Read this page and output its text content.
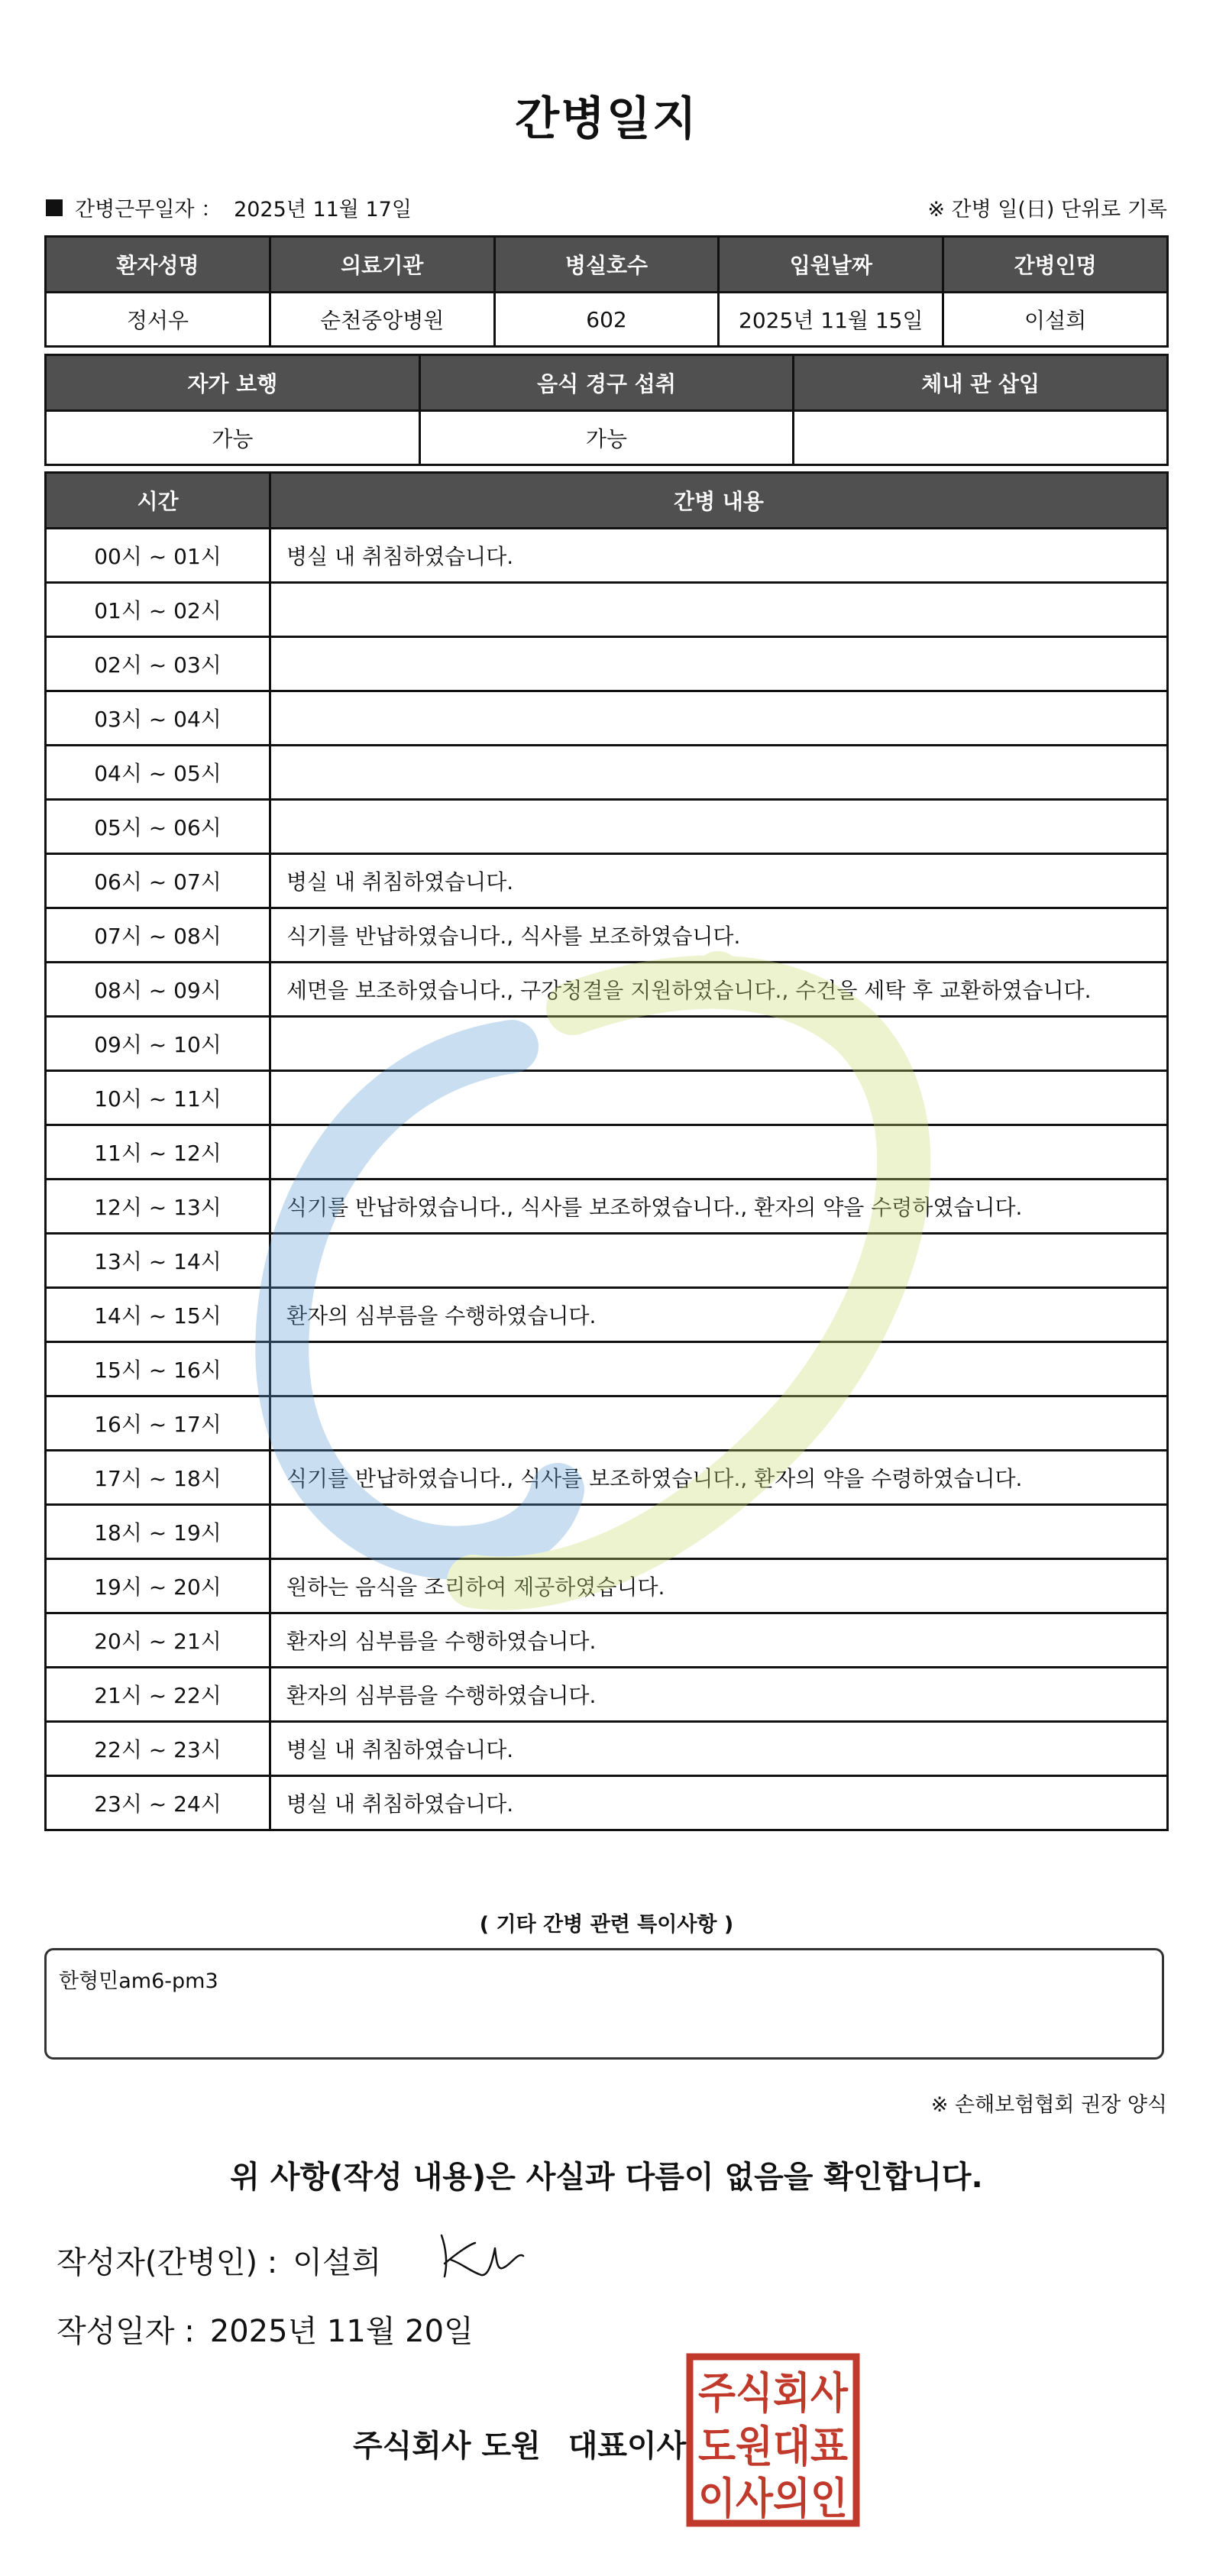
간병일지
간병근무일자 ： 2025년 11월 17일	※ 간병 일(日) 단위로 기록
환자성명	의료기관	병실호수	입원날짜	간병인명
정서우	순천중앙병원	602	2025년 11월 15일	이설희
자가 보행	음식 경구 섭취	체내 관 삽입
가능	가능	
시간	간병 내용
00시 ~ 01시	병실 내 취침하였습니다.
01시 ~ 02시	
02시 ~ 03시	
03시 ~ 04시	
04시 ~ 05시	
05시 ~ 06시	
06시 ~ 07시	병실 내 취침하였습니다.
07시 ~ 08시	식기를 반납하였습니다., 식사를 보조하였습니다.
08시 ~ 09시	세면을 보조하였습니다., 구강청결을 지원하였습니다., 수건을 세탁 후 교환하였습니다.
09시 ~ 10시	
10시 ~ 11시	
11시 ~ 12시	
12시 ~ 13시	식기를 반납하였습니다., 식사를 보조하였습니다., 환자의 약을 수령하였습니다.
13시 ~ 14시	
14시 ~ 15시	환자의 심부름을 수행하였습니다.
15시 ~ 16시	
16시 ~ 17시	
17시 ~ 18시	식기를 반납하였습니다., 식사를 보조하였습니다., 환자의 약을 수령하였습니다.
18시 ~ 19시	
19시 ~ 20시	원하는 음식을 조리하여 제공하였습니다.
20시 ~ 21시	환자의 심부름을 수행하였습니다.
21시 ~ 22시	환자의 심부름을 수행하였습니다.
22시 ~ 23시	병실 내 취침하였습니다.
23시 ~ 24시	병실 내 취침하였습니다.
( 기타 간병 관련 특이사항 )
한형민am6-pm3
※ 손해보험협회 권장 양식
위 사항(작성 내용)은 사실과 다름이 없음을 확인합니다.
작성자(간병인) : 이설희
작성일자 : 2025년 11월 20일
주식회사 도원 대표이사
주식회사
도원대표
이사의인
